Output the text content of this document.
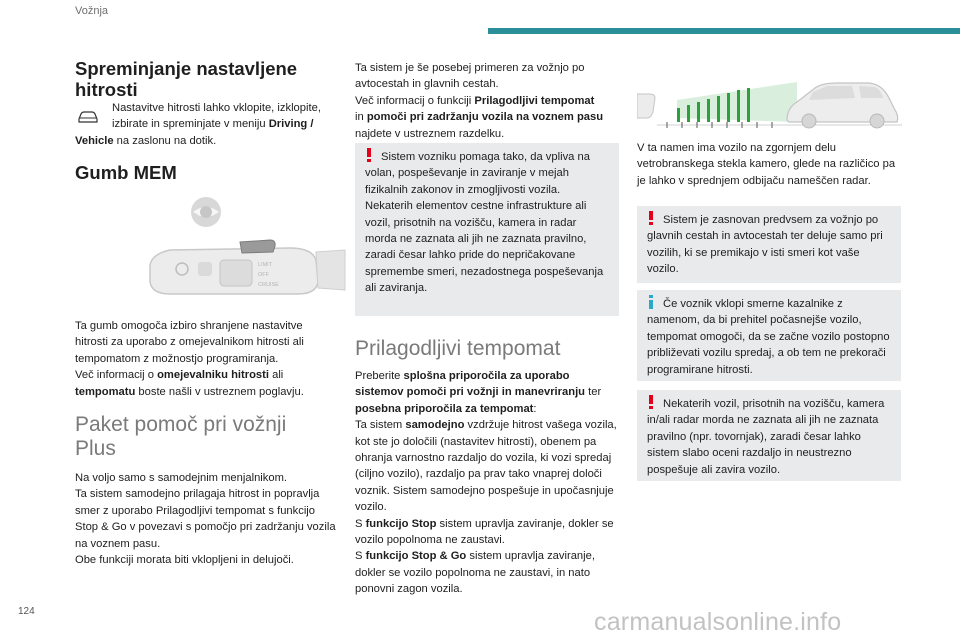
Vožnja
Spreminjanje nastavljene hitrosti

Nastavitve hitrosti lahko vklopite, izklopite,

izbirate in spreminjate v meniju Driving /

Vehicle na zaslonu na dotik.

Gumb MEM
LIMIT
OFF
CRUISE

Ta gumb omogoča izbiro shranjene nastavitve hitrosti za uporabo z omejevalnikom hitrosti ali tempomatom z možnostjo programiranja.

Več informacij o omejevalniku hitrosti ali

tempomatu boste našli v ustreznem poglavju.

Paket pomoč pri vožnji Plus

Na voljo samo s samodejnim menjalnikom.
Ta sistem samodejno prilagaja hitrost in popravlja smer z uporabo Prilagodljivi tempomat s funkcijo Stop & Go v povezavi s pomočjo pri zadržanju vozila na voznem pasu.
Obe funkciji morata biti vklopljeni in delujoči.

Ta sistem je še posebej primeren za vožnjo po avtocestah in glavnih cestah.

Več informacij o funkciji Prilagodljivi tempomat

in pomoči pri zadržanju vozila na voznem pasu najdete v ustreznem razdelku.

Sistem vozniku pomaga tako, da vpliva na volan, pospeševanje in zaviranje v mejah fizikalnih zakonov in zmogljivosti vozila. Nekaterih elementov cestne infrastrukture ali vozil, prisotnih na vozišču, kamera in radar morda ne zaznata ali jih ne zaznata pravilno, zaradi česar lahko pride do nepričakovane spremembe smeri, nezadostnega pospeševanja ali zaviranja.

Prilagodljivi tempomat

Preberite splošna priporočila za uporabo sistemov pomoči pri vožnji in manevriranju ter posebna priporočila za tempomat:

Ta sistem samodejno vzdržuje hitrost vašega vozila, kot ste jo določili (nastavitev hitrosti), obenem pa ohranja varnostno razdaljo do vozila, ki vozi spredaj (ciljno vozilo), razdaljo pa prav tako vnaprej določi voznik. Sistem samodejno pospešuje in upočasnjuje vozilo.

S funkcijo Stop sistem upravlja zaviranje, dokler se vozilo popolnoma ne zaustavi.

S funkcijo Stop & Go sistem upravlja zaviranje, dokler se vozilo popolnoma ne zaustavi, in nato ponovni zagon vozila.

V ta namen ima vozilo na zgornjem delu vetrobranskega stekla kamero, glede na različico pa je lahko v sprednjem odbijaču nameščen radar.

Sistem je zasnovan predvsem za vožnjo po glavnih cestah in avtocestah ter deluje samo pri vozilih, ki se premikajo v isti smeri kot vaše vozilo.

Če voznik vklopi smerne kazalnike z namenom, da bi prehitel počasnejše vozilo, tempomat omogoči, da se začne vozilo postopno približevati vozilu spredaj, a ob tem ne prekorači programirane hitrosti.

Nekaterih vozil, prisotnih na vozišču, kamera in/ali radar morda ne zaznata ali jih ne zaznata pravilno (npr. tovornjak), zaradi česar lahko sistem slabo oceni razdaljo in neustrezno pospešuje ali zavira vozilo.

124	carmanualsonline.info
